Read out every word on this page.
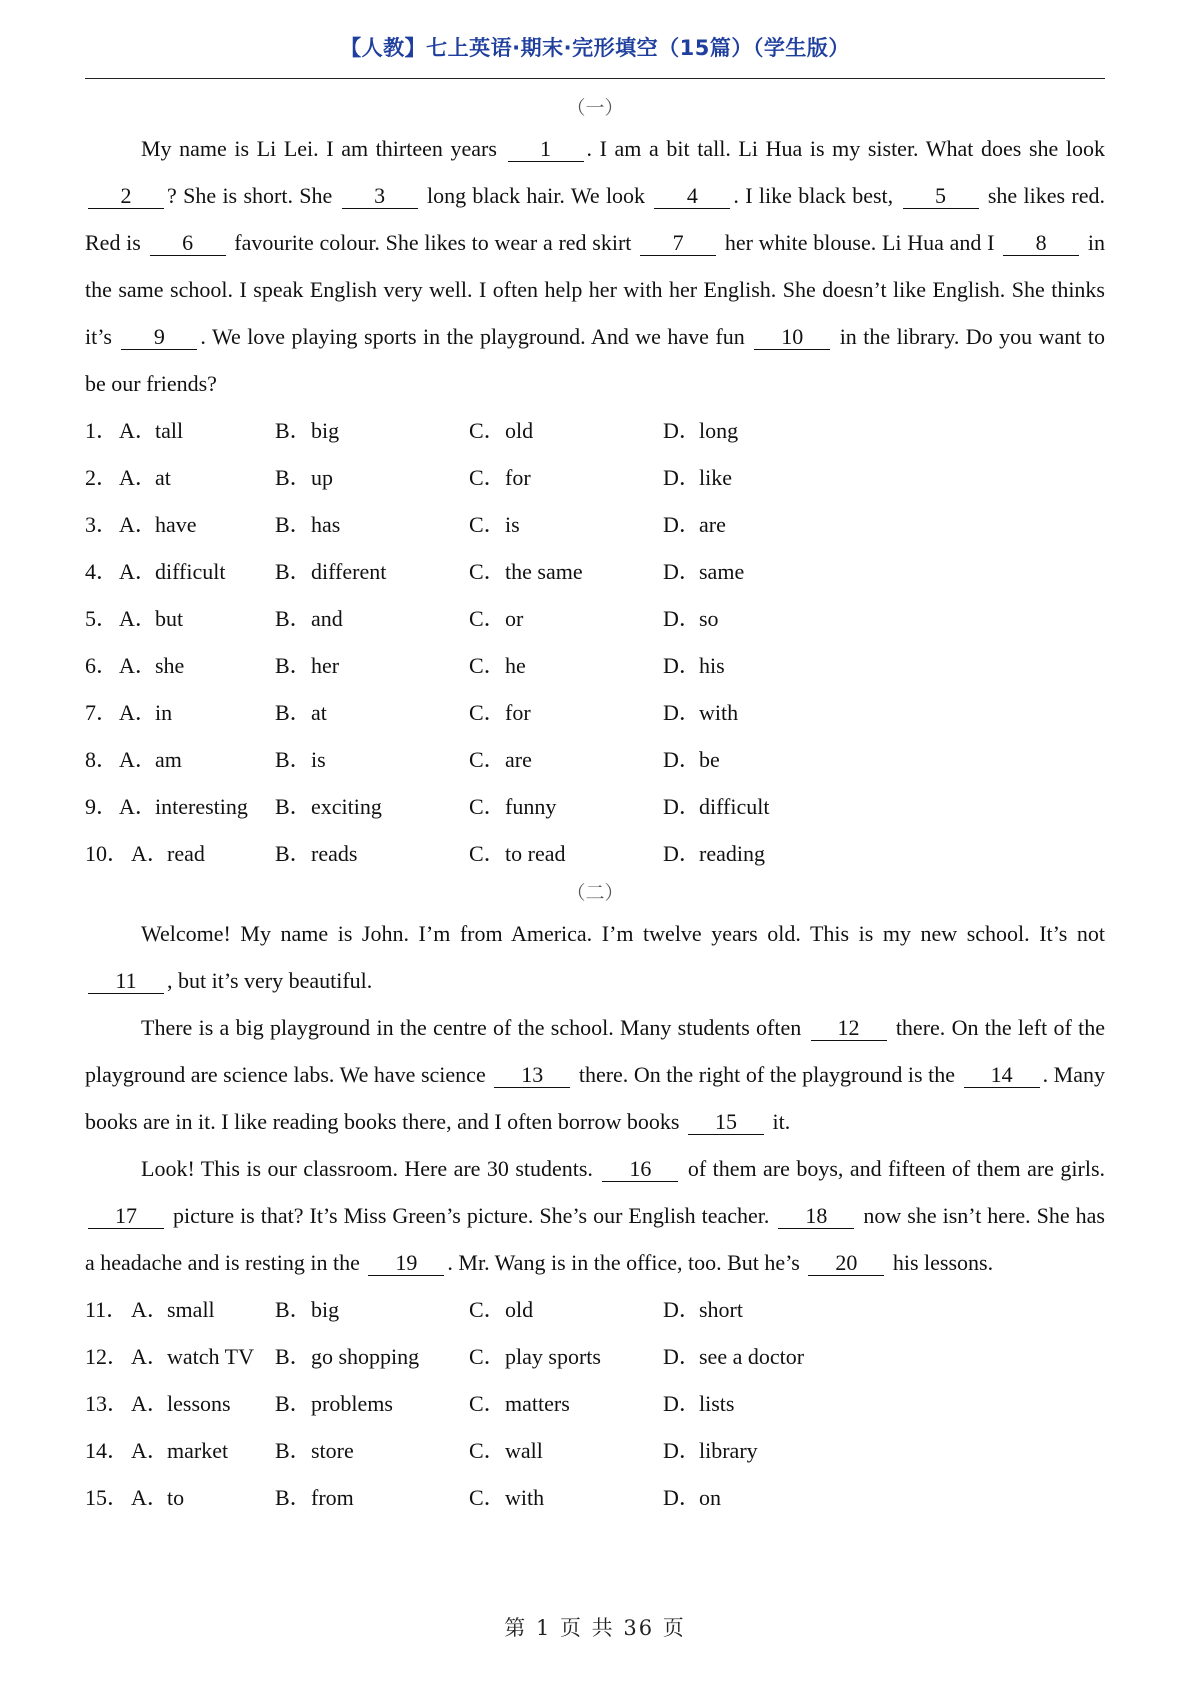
【人教】七上英语·期末·完形填空（15篇）（学生版）
（一）

My name is Li Lei. I am thirteen years 1 . I am a bit tall. Li Hua is my sister. What does she look 2 ? She is short. She 3 long black hair. We look 4 . I like black best, 5 she likes red. Red is 6 favourite colour. She likes to wear a red skirt 7 her white blouse. Li Hua and I 8 in the same school. I speak English very well. I often help her with her English. She doesn’t like English. She thinks it’s 9 . We love playing sports in the playground. And we have fun 10 in the library. Do you want to be our friends?

1． A．tall	B．big	C．old	D．long
2． A．at	B．up	C．for	D．like
3． A．have	B．has	C．is	D．are
4． A．difficult B．different	C．the same	D．same
5． A．but	B．and	C．or	D．so
6． A．she	B．her	C．he	D．his
7． A．in	B．at	C．for	D．with
8． A．am	B．is	C．are	D．be
9． A．interesting B．exciting	C．funny	D．difficult
10． A．read	B．reads	C．to read	D．reading
（二）

Welcome! My name is John. I’m from America. I’m twelve years old. This is my new school. It’s not 11 , but it’s very beautiful.

There is a big playground in the centre of the school. Many students often 12 there. On the left of the playground are science labs. We have science 13 there. On the right of the playground is the 14 . Many books are in it. I like reading books there, and I often borrow books 15 it.

Look! This is our classroom. Here are 30 students. 16 of them are boys, and fifteen of them are girls. 17 picture is that? It’s Miss Green’s picture. She’s our English teacher. 18 now she isn’t here. She has a headache and is resting in the 19 . Mr. Wang is in the office, too. But he’s 20 his lessons.

11． A．small	B．big	C．old	D．short
12． A．watch TV B．go shopping C．play sports	D．see a doctor
13． A．lessons B．problems	C．matters	D．lists
14． A．market B．store	C．wall	D．library
15． A．to	B．from	C．with	D．on
第 1 页 共 36 页
